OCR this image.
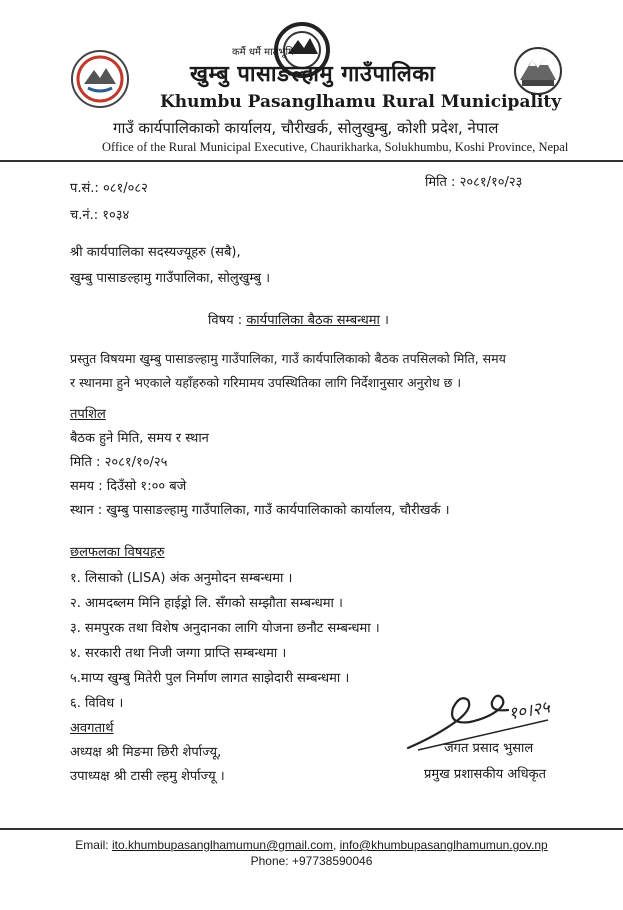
कर्मै धर्मै मातृभूमि
खुम्बु पासाङल्हामु गाउँपालिका
Khumbu Pasanglhamu Rural Municipality
गाउँ कार्यपालिकाको कार्यालय, चौरीखर्क, सोलुखुम्बु, कोशी प्रदेश, नेपाल
Office of the Rural Municipal Executive, Chaurikharka, Solukhumbu, Koshi Province, Nepal
प.सं.: ०८१/०८२
च.नं.: १०३४
मिति : २०८१/१०/२३
श्री कार्यपालिका सदस्यज्यूहरु (सबै),
खुम्बु पासाङल्हामु गाउँपालिका, सोलुखुम्बु ।
विषय : कार्यपालिका बैठक सम्बन्धमा ।
प्रस्तुत विषयमा खुम्बु पासाङल्हामु गाउँपालिका, गाउँ कार्यपालिकाको बैठक तपसिलको मिति, समय
र स्थानमा हुने भएकाले यहाँहरुको गरिमामय उपस्थितिका लागि निर्देशानुसार अनुरोध छ ।
तपशिल
बैठक हुने मिति, समय र स्थान
मिति : २०८१/१०/२५
समय : दिउँसो १:०० बजे
स्थान : खुम्बु पासाङल्हामु गाउँपालिका, गाउँ कार्यपालिकाको कार्यालय, चौरीखर्क ।
छलफलका विषयहरु
१. लिसाको (LISA) अंक अनुमोदन सम्बन्धमा ।
२. आमदब्लम मिनि हाईड्रो लि. सँगको सम्झौता सम्बन्धमा ।
३. समपुरक तथा विशेष अनुदानका लागि योजना छनौट सम्बन्धमा ।
४. सरकारी तथा निजी जग्गा प्राप्ति सम्बन्धमा ।
५.माप्य खुम्बु मितेरी पुल निर्माण लागत साझेदारी सम्बन्धमा ।
६. विविध ।
अवगतार्थ
अध्यक्ष श्री मिङमा छिरी शेर्पाज्यू,
उपाध्यक्ष श्री टासी ल्हमु शेर्पाज्यू ।
१०।२५
जगत प्रसाद भुसाल
प्रमुख प्रशासकीय अधिकृत
Email: ito.khumbupasanglhamumun@gmail.com, info@khumbupasanglhamumun.gov.np
Phone: +97738590046
